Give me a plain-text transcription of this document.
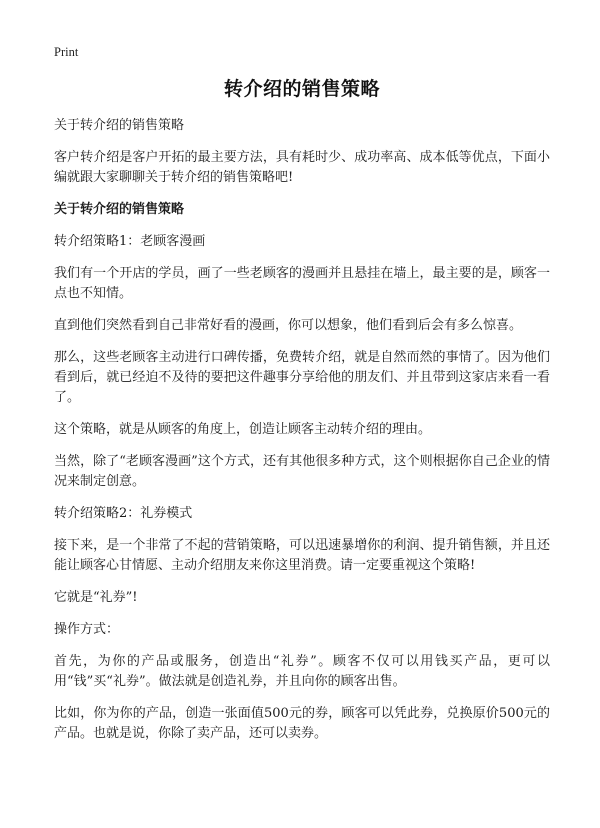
Print
转介绍的销售策略

关于转介绍的销售策略

客户转介绍是客户开拓的最主要方法，具有耗时少、成功率高、成本低等优点，下面小编就跟大家聊聊关于转介绍的销售策略吧!

关于转介绍的销售策略

转介绍策略1：老顾客漫画

我们有一个开店的学员，画了一些老顾客的漫画并且悬挂在墙上，最主要的是，顾客一点也不知情。

直到他们突然看到自己非常好看的漫画，你可以想象，他们看到后会有多么惊喜。

那么，这些老顾客主动进行口碑传播，免费转介绍，就是自然而然的事情了。因为他们看到后，就已经迫不及待的要把这件趣事分享给他的朋友们、并且带到这家店来看一看了。

这个策略，就是从顾客的角度上，创造让顾客主动转介绍的理由。

当然，除了“老顾客漫画”这个方式，还有其他很多种方式，这个则根据你自己企业的情况来制定创意。

转介绍策略2：礼券模式

接下来，是一个非常了不起的营销策略，可以迅速暴增你的利润、提升销售额，并且还能让顾客心甘情愿、主动介绍朋友来你这里消费。请一定要重视这个策略!

它就是“礼券”!

操作方式：

首先，为你的产品或服务，创造出“礼券”。顾客不仅可以用钱买产品，更可以用“钱”买“礼券”。做法就是创造礼券，并且向你的顾客出售。

比如，你为你的产品，创造一张面值500元的券，顾客可以凭此券，兑换原价500元的产品。也就是说，你除了卖产品，还可以卖券。
